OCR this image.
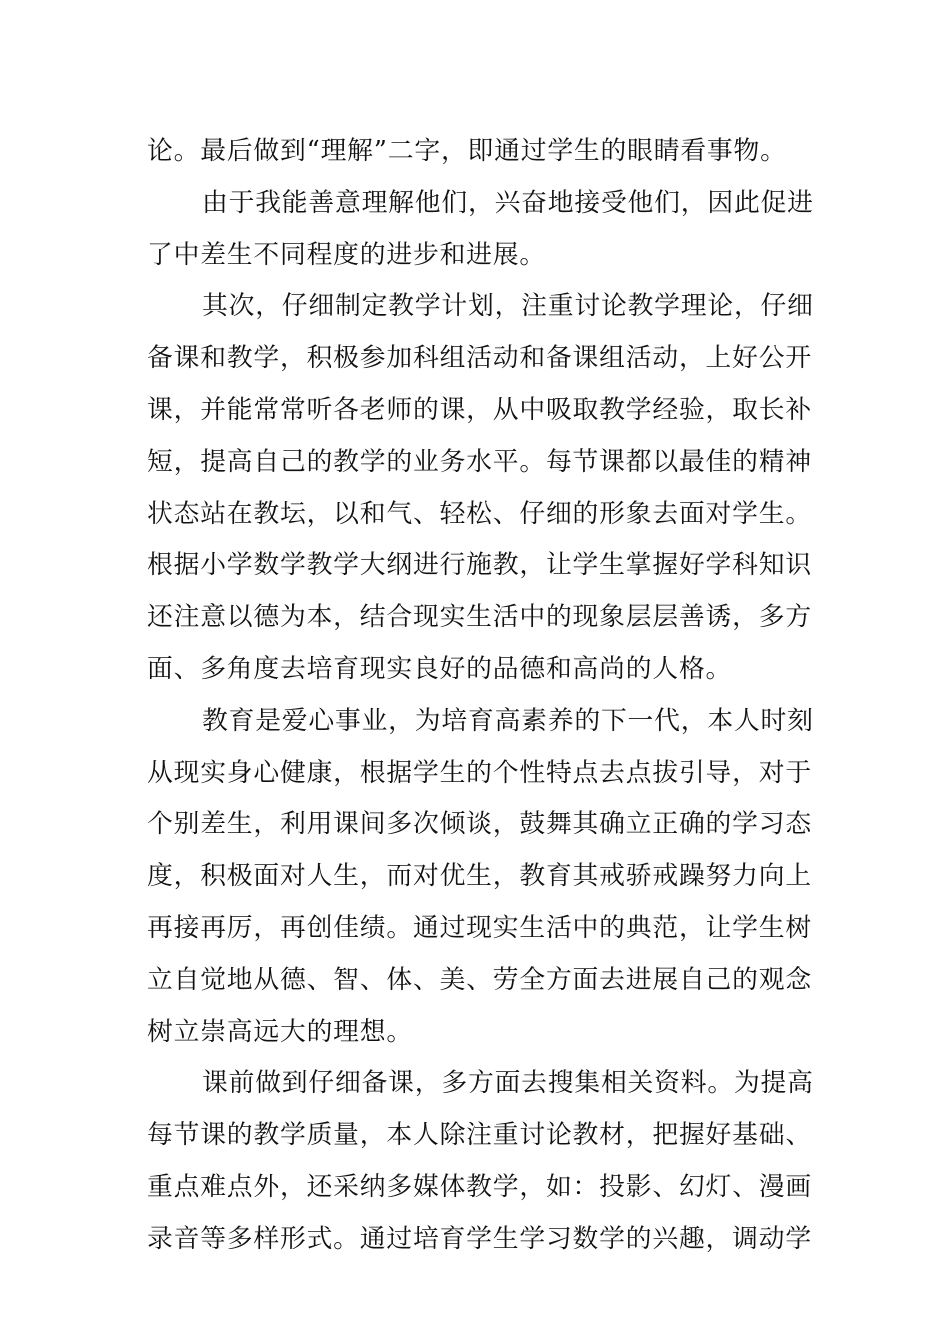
论。最后做到“理解”二字，即通过学生的眼睛看事物。
由于我能善意理解他们，兴奋地接受他们，因此促进
了中差生不同程度的进步和进展。
其次，仔细制定教学计划，注重讨论教学理论，仔细
备课和教学，积极参加科组活动和备课组活动，上好公开
课，并能常常听各老师的课，从中吸取教学经验，取长补
短，提高自己的教学的业务水平。每节课都以最佳的精神
状态站在教坛，以和气、轻松、仔细的形象去面对学生。
根据小学数学教学大纲进行施教，让学生掌握好学科知识
还注意以德为本，结合现实生活中的现象层层善诱，多方
面、多角度去培育现实良好的品德和高尚的人格。
教育是爱心事业，为培育高素养的下一代，本人时刻
从现实身心健康，根据学生的个性特点去点拔引导，对于
个别差生，利用课间多次倾谈，鼓舞其确立正确的学习态
度，积极面对人生，而对优生，教育其戒骄戒躁努力向上
再接再厉，再创佳绩。通过现实生活中的典范，让学生树
立自觉地从德、智、体、美、劳全方面去进展自己的观念
树立崇高远大的理想。
课前做到仔细备课，多方面去搜集相关资料。为提高
每节课的教学质量，本人除注重讨论教材，把握好基础、
重点难点外，还采纳多媒体教学，如：投影、幻灯、漫画
录音等多样形式。通过培育学生学习数学的兴趣，调动学
